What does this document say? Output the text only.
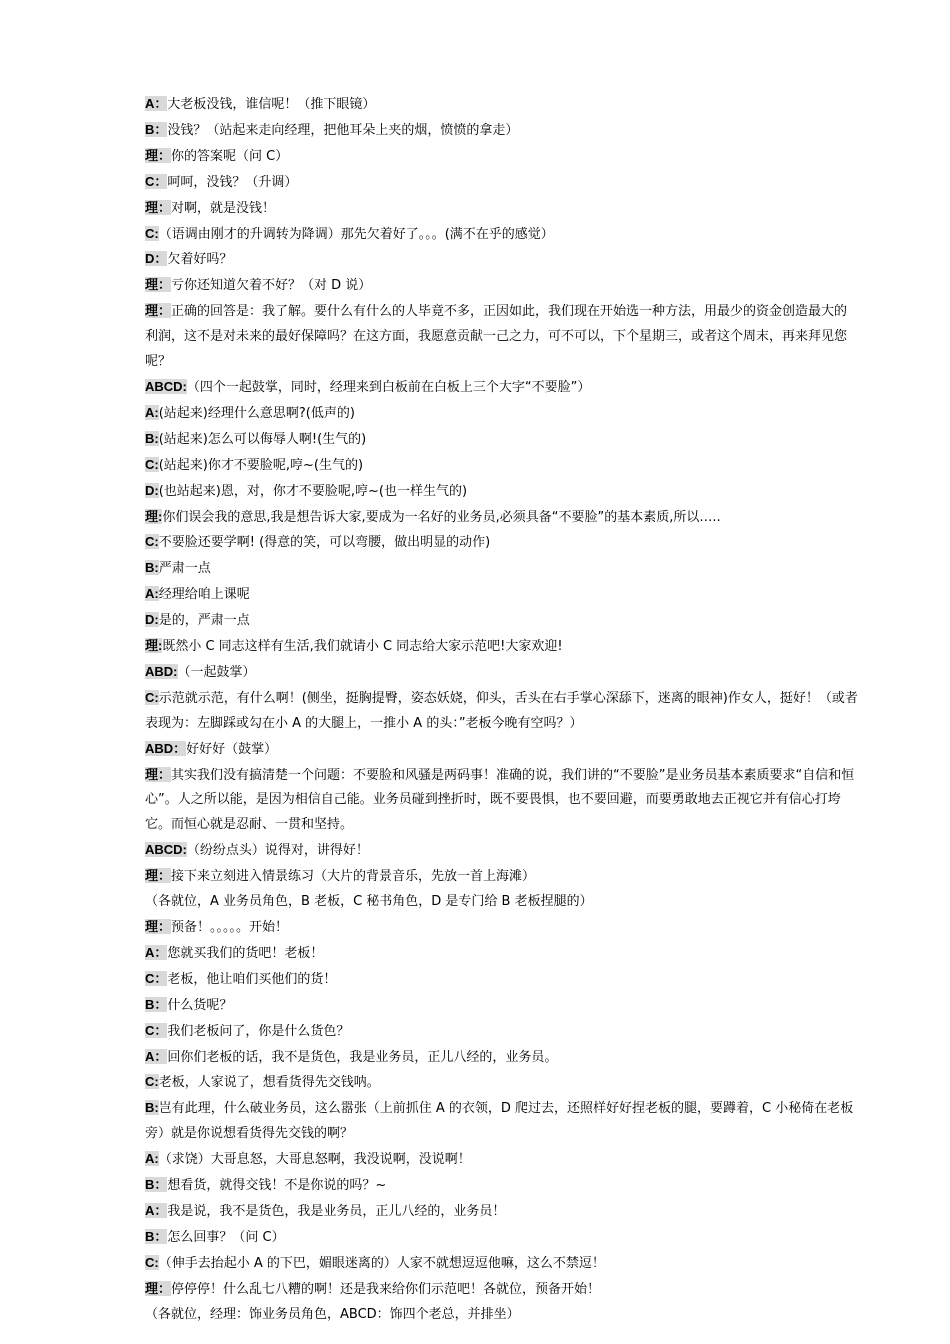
A：大老板没钱，谁信呢！（推下眼镜）

B：没钱？（站起来走向经理，把他耳朵上夹的烟，愤愤的拿走）

理：你的答案呢（问 C）

C：呵呵，没钱？（升调）

理：对啊，就是没钱！

C:（语调由刚才的升调转为降调）那先欠着好了。。。(满不在乎的感觉）

D：欠着好吗？

理：亏你还知道欠着不好？（对 D 说）

理：正确的回答是：我了解。要什么有什么的人毕竟不多，正因如此，我们现在开始选一种方法，用最少的资金创造最大的利润，这不是对未来的最好保障吗？在这方面，我愿意贡献一己之力，可不可以，下个星期三，或者这个周末，再来拜见您呢？

ABCD:（四个一起鼓掌，同时，经理来到白板前在白板上三个大字“不要脸”）

A:(站起来)经理什么意思啊?(低声的)

B:(站起来)怎么可以侮辱人啊!(生气的)

C:(站起来)你才不要脸呢,哼~(生气的)

D:(也站起来)恩，对，你才不要脸呢,哼~(也一样生气的)

理:你们误会我的意思,我是想告诉大家,要成为一名好的业务员,必须具备“不要脸”的基本素质,所以…..

C:不要脸还要学啊! (得意的笑，可以弯腰，做出明显的动作)

B:严肃一点

A:经理给咱上课呢

D:是的，严肃一点

理:既然小 C 同志这样有生活,我们就请小 C 同志给大家示范吧!大家欢迎!

ABD:（一起鼓掌）

C:示范就示范，有什么啊！(侧坐，挺胸提臀，姿态妖娆，仰头，舌头在右手掌心深舔下，迷离的眼神)作女人，挺好！（或者表现为：左脚踩或勾在小 A 的大腿上，一推小 A 的头：”老板今晚有空吗？）

ABD：好好好（鼓掌）

理：其实我们没有搞清楚一个问题：不要脸和风骚是两码事！准确的说，我们讲的“不要脸”是业务员基本素质要求“自信和恒心”。人之所以能，是因为相信自己能。业务员碰到挫折时，既不要畏惧，也不要回避，而要勇敢地去正视它并有信心打垮它。而恒心就是忍耐、一贯和坚持。

ABCD:（纷纷点头）说得对，讲得好！

理：接下来立刻进入情景练习（大片的背景音乐，先放一首上海滩）

（各就位，A 业务员角色，B 老板，C 秘书角色，D 是专门给 B 老板捏腿的）

理：预备！。。。。。开始！

A：您就买我们的货吧！老板！

C：老板，他让咱们买他们的货！

B：什么货呢？

C：我们老板问了，你是什么货色？

A：回你们老板的话，我不是货色，我是业务员，正儿八经的，业务员。

C:老板，人家说了，想看货得先交钱呐。

B:岂有此理，什么破业务员，这么嚣张（上前抓住 A 的衣领，D 爬过去，还照样好好捏老板的腿，要蹲着，C 小秘倚在老板旁）就是你说想看货得先交钱的啊？

A:（求饶）大哥息怒，大哥息怒啊，我没说啊，没说啊！

B：想看货，就得交钱！不是你说的吗？~

A：我是说，我不是货色，我是业务员，正儿八经的，业务员！

B：怎么回事？（问 C）

C:（伸手去抬起小 A 的下巴，媚眼迷离的）人家不就想逗逗他嘛，这么不禁逗！

理：停停停！什么乱七八糟的啊！还是我来给你们示范吧！各就位，预备开始！

（各就位，经理：饰业务员角色，ABCD：饰四个老总，并排坐）
